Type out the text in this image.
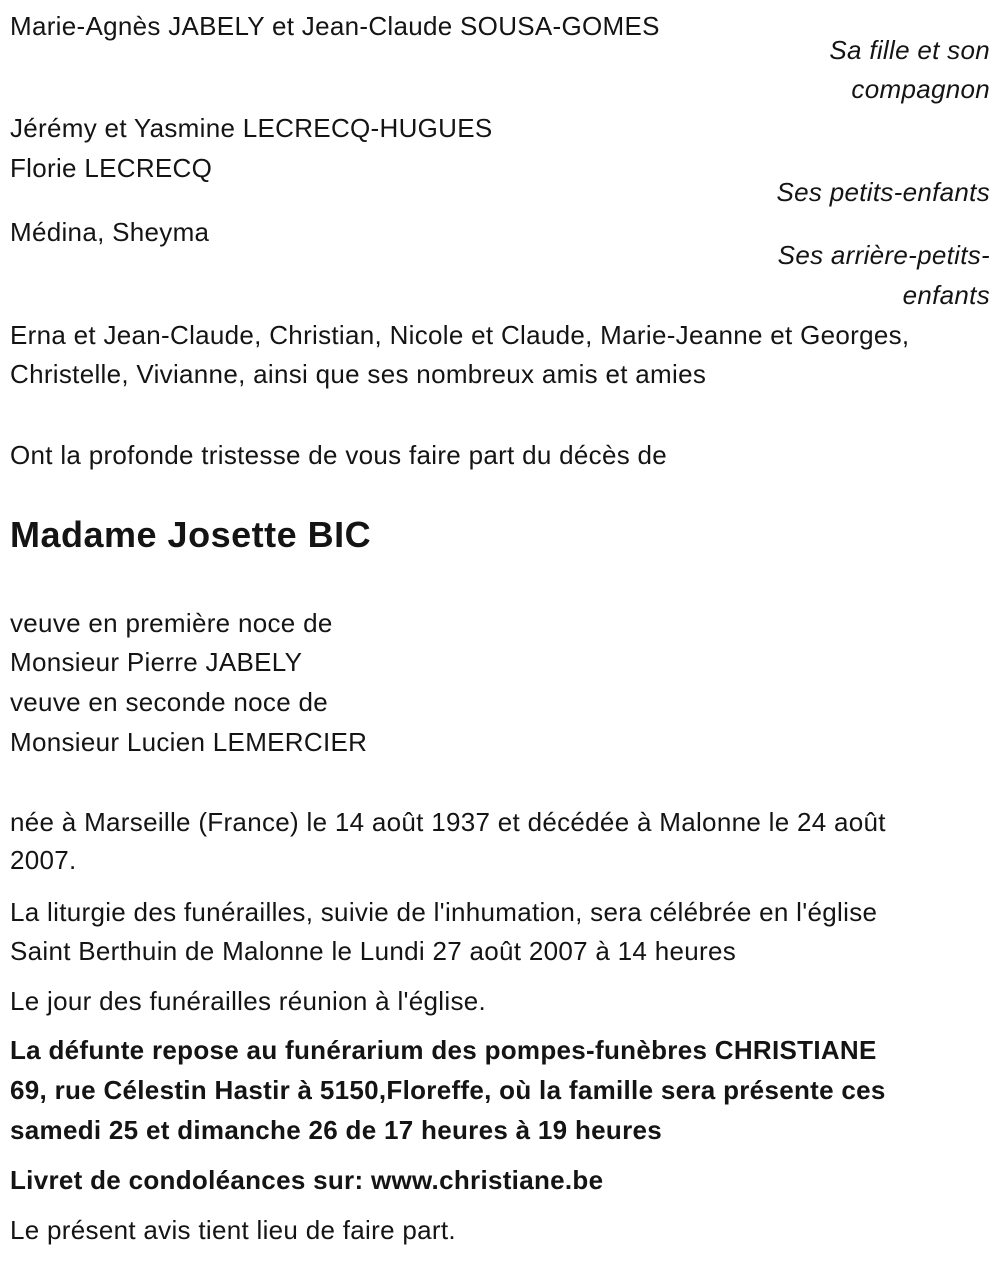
Marie-Agnès JABELY et Jean-Claude SOUSA-GOMES
Sa fille et son
compagnon
Jérémy et Yasmine LECRECQ-HUGUES
Florie LECRECQ
Ses petits-enfants
Médina, Sheyma
Ses arrière-petits-
enfants
Erna et Jean-Claude, Christian, Nicole et Claude, Marie-Jeanne et Georges,
Christelle, Vivianne, ainsi que ses nombreux amis et amies
Ont la profonde tristesse de vous faire part du décès de
Madame Josette BIC
veuve en première noce de
Monsieur Pierre JABELY
veuve en seconde noce de
Monsieur Lucien LEMERCIER
née à Marseille (France) le 14 août 1937 et décédée à Malonne le 24 août
2007.
La liturgie des funérailles, suivie de l'inhumation, sera célébrée en l'église
Saint Berthuin de Malonne le Lundi 27 août 2007 à 14 heures
Le jour des funérailles réunion à l'église.
La défunte repose au funérarium des pompes-funèbres CHRISTIANE
69, rue Célestin Hastir à 5150,Floreffe, où la famille sera présente ces
samedi 25 et dimanche 26 de 17 heures à 19 heures
Livret de condoléances sur: www.christiane.be
Le présent avis tient lieu de faire part.
